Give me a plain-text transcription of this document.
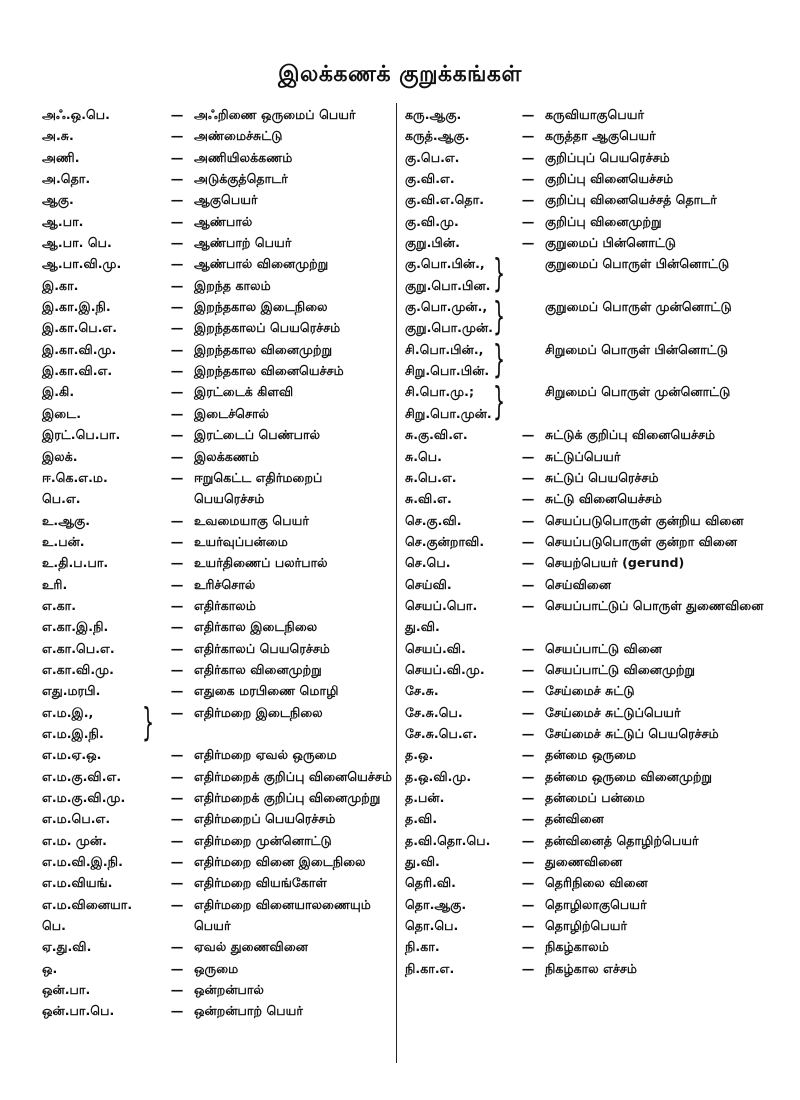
இலக்கணக் குறுக்கங்கள்
அஃ.ஒ.பெ.	— அஃறிணை ஒருமைப் பெயர்
அ.சு.	— அண்மைச்சுட்டு
அணி.	— அணியிலக்கணம்
அ.தொ.	— அடுக்குத்தொடர்
ஆகு.	— ஆகுபெயர்
ஆ.பா.	— ஆண்பால்
ஆ.பா. பெ.	— ஆண்பாற் பெயர்
ஆ.பா.வி.மு.	— ஆண்பால் வினைமுற்று
இ.கா.	— இறந்த காலம்
இ.கா.இ.நி.	— இறந்தகால இடைநிலை
இ.கா.பெ.எ.	— இறந்தகாலப் பெயரெச்சம்
இ.கா.வி.மு.	— இறந்தகால வினைமுற்று
இ.கா.வி.எ.	— இறந்தகால வினையெச்சம்
இ.கி.	— இரட்டைக் கிளவி
இடை.	— இடைச்சொல்
இரட்.பெ.பா.	— இரட்டைப் பெண்பால்
இலக்.	— இலக்கணம்
ஈ.கெ.எ.ம.
பெ.எ.
— ஈறுகெட்ட எதிர்மறைப் பெயரெச்சம்
உ.ஆகு.	— உவமையாகு பெயர்
உ.பன்.	— உயர்வுப்பன்மை
உ.தி.ப.பா.	— உயர்திணைப் பலர்பால்
உரி.	— உரிச்சொல்
எ.கா.	— எதிர்காலம்
எ.கா.இ.நி.	— எதிர்கால இடைநிலை
எ.கா.பெ.எ.	— எதிர்காலப் பெயரெச்சம்
எ.கா.வி.மு.	— எதிர்கால வினைமுற்று
எது.மரபி.	— எதுகை மரபிணை மொழி
எ.ம.இ.,
எ.ம.இ.நி.	}	— எதிர்மறை இடைநிலை
எ.ம.ஏ.ஒ.	— எதிர்மறை ஏவல் ஒருமை
எ.ம.கு.வி.எ.	— எதிர்மறைக் குறிப்பு வினையெச்சம்
எ.ம.கு.வி.மு.	— எதிர்மறைக் குறிப்பு வினைமுற்று
எ.ம.பெ.எ.	— எதிர்மறைப் பெயரெச்சம்
எ.ம. முன்.	— எதிர்மறை முன்னொட்டு
எ.ம.வி.இ.நி.	— எதிர்மறை வினை இடைநிலை
எ.ம.வியங்.	— எதிர்மறை வியங்கோள்
எ.ம.வினையா.
பெ.
— எதிர்மறை வினையாலணையும் பெயர்
ஏ.து.வி.	— ஏவல் துணைவினை
ஒ.	— ஒருமை
ஒன்.பா.	— ஒன்றன்பால்
ஒன்.பா.பெ.	— ஒன்றன்பாற் பெயர்
கரு.ஆகு.	— கருவியாகுபெயர்
கருத்.ஆகு.	— கருத்தா ஆகுபெயர்
கு.பெ.எ.	— குறிப்புப் பெயரெச்சம்
கு.வி.எ.	— குறிப்பு வினையெச்சம்
கு.வி.எ.தொ.	— குறிப்பு வினையெச்சத் தொடர்
கு.வி.மு.	— குறிப்பு வினைமுற்று
குறு.பின்.	— குறுமைப் பின்னொட்டு
கு.பொ.பின்.,
குறு.பொ.பின. }	குறுமைப் பொருள் பின்னொட்டு
கு.பொ.முன்.,
குறு.பொ.முன். }	குறுமைப் பொருள் முன்னொட்டு
சி.பொ.பின்.,
சிறு.பொ.பின். }	சிறுமைப் பொருள் பின்னொட்டு
சி.பொ.மு.;
சிறு.பொ.முன். }	சிறுமைப் பொருள் முன்னொட்டு
சு.கு.வி.எ.	— சுட்டுக் குறிப்பு வினையெச்சம்
சு.பெ.	— சுட்டுப்பெயர்
சு.பெ.எ.	— சுட்டுப் பெயரெச்சம்
சு.வி.எ.	— சுட்டு வினையெச்சம்
செ.கு.வி.	— செயப்படுபொருள் குன்றிய வினை
செ.குன்றாவி.	— செயப்படுபொருள் குன்றா வினை
செ.பெ.	— செயற்பெயர் (gerund)
செய்வி.	— செய்வினை
செயப்.பொ.
து.வி.
— செயப்பாட்டுப் பொருள் துணைவினை
செயப்.வி.	— செயப்பாட்டு வினை
செயப்.வி.மு.	— செயப்பாட்டு வினைமுற்று
சே.சு.	— சேய்மைச் சுட்டு
சே.சு.பெ.	— சேய்மைச் சுட்டுப்பெயர்
சே.சு.பெ.எ.	— சேய்மைச் சுட்டுப் பெயரெச்சம்
த.ஒ.	— தன்மை ஒருமை
த.ஒ.வி.மு.	— தன்மை ஒருமை வினைமுற்று
த.பன்.	— தன்மைப் பன்மை
த.வி.	— தன்வினை
த.வி.தொ.பெ.	— தன்வினைத் தொழிற்பெயர்
து.வி.	— துணைவினை
தெரி.வி.	— தெரிநிலை வினை
தொ.ஆகு.	— தொழிலாகுபெயர்
தொ.பெ.	— தொழிற்பெயர்
நி.கா.	— நிகழ்காலம்
நி.கா.எ.	— நிகழ்கால எச்சம்
